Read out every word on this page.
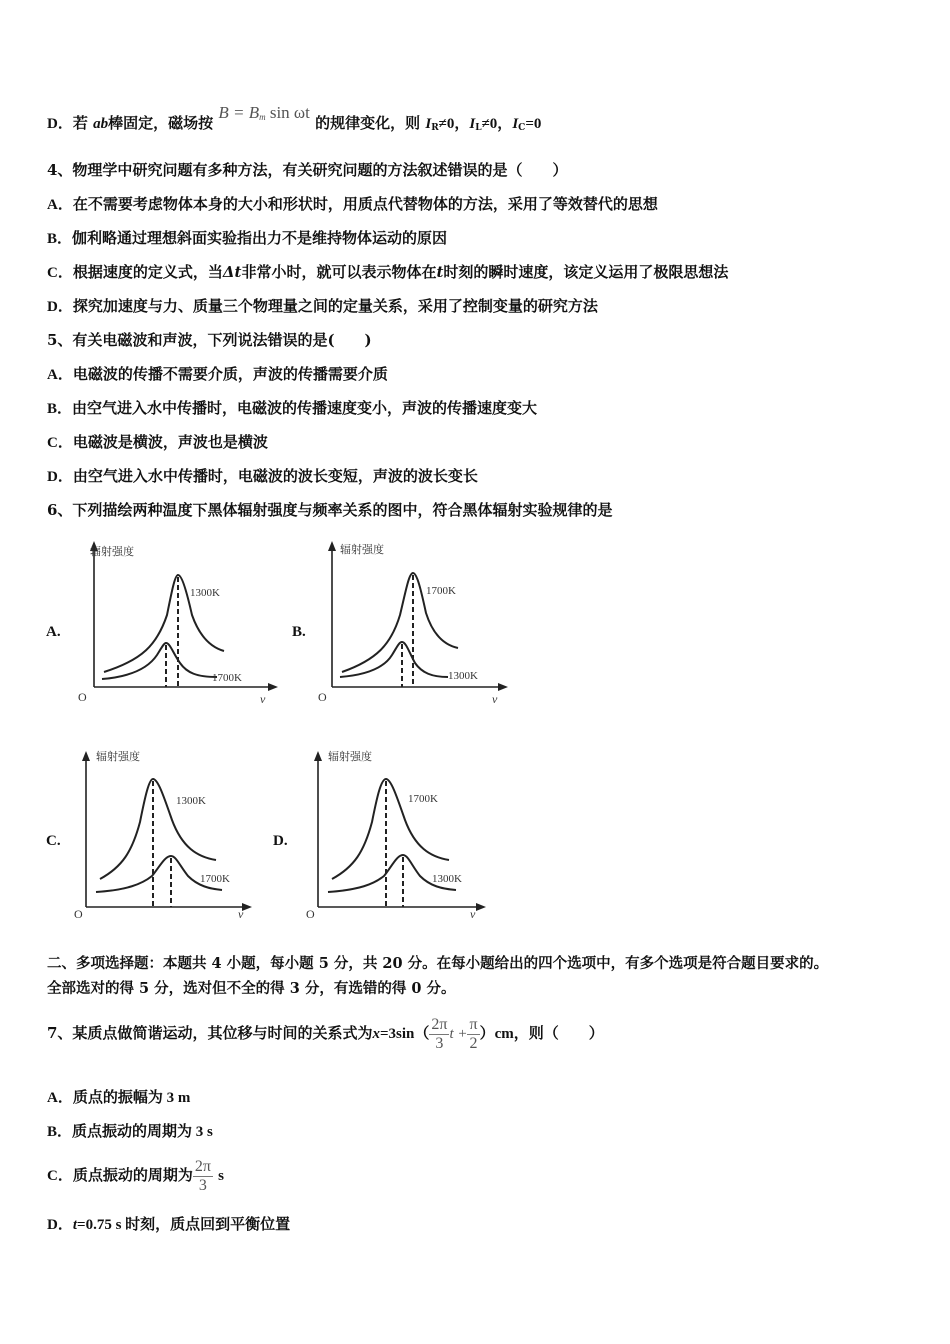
D．若 ab棒固定，磁场按 $B = B_m$ sin ωt 的规律变化，则 $I_R\ne 0$，$I_L\ne 0$，$I_C=0$
4、物理学中研究问题有多种方法，有关研究问题的方法叙述错误的是（　　）
A．在不需要考虑物体本身的大小和形状时，用质点代替物体的方法，采用了等效替代的思想
B．伽利略通过理想斜面实验指出力不是维持物体运动的原因
C．根据速度的定义式，当Δt非常小时，就可以表示物体在t时刻的瞬时速度，该定义运用了极限思想法
D．探究加速度与力、质量三个物理量之间的定量关系，采用了控制变量的研究方法
5、有关电磁波和声波，下列说法错误的是(　　)
A．电磁波的传播不需要介质，声波的传播需要介质
B．由空气进入水中传播时，电磁波的传播速度变小，声波的传播速度变大
C．电磁波是横波，声波也是横波
D．由空气进入水中传播时，电磁波的波长变短，声波的波长变长
6、下列描绘两种温度下黑体辐射强度与频率关系的图中，符合黑体辐射实验规律的是
A.
辐射强度
1300K
1700K
O	ν
B.
辐射强度
1700K
1300K
O	ν
C.
辐射强度
1300K
1700K
O	ν
D.
辐射强度
1700K
1300K
O	ν
二、多项选择题：本题共 4 小题，每小题 5 分，共 20 分。在每小题给出的四个选项中，有多个选项是符合题目要求的。
全部选对的得 5 分，选对但不全的得 3 分，有选错的得 0 分。
7、某质点做简谐运动，其位移与时间的关系式为$x=3\sin( \frac{2\pi}{3}$ $t + \frac{\pi}{2} )cm$，则（　　）
A．质点的振幅为 3 m
B．质点振动的周期为 3 s
C．质点振动的周期为 $\frac{2\pi}{3}$ s
D．t=0.75 s 时刻，质点回到平衡位置
